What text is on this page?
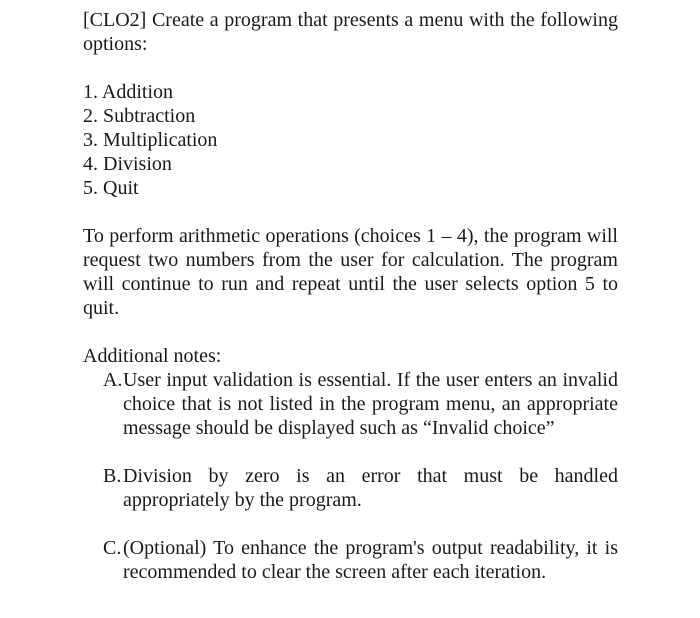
[CLO2] Create a program that presents a menu with the following options:

1. Addition
2. Subtraction
3. Multiplication
4. Division
5. Quit

To perform arithmetic operations (choices 1 – 4), the program will request two numbers from the user for calculation. The program will continue to run and repeat until the user selects option 5 to quit.

Additional notes:

A. User input validation is essential. If the user enters an invalid choice that is not listed in the program menu, an appropriate message should be displayed such as “Invalid choice”
B. Division by zero is an error that must be handled appropriately by the program.
C. (Optional) To enhance the program's output readability, it is recommended to clear the screen after each iteration.
